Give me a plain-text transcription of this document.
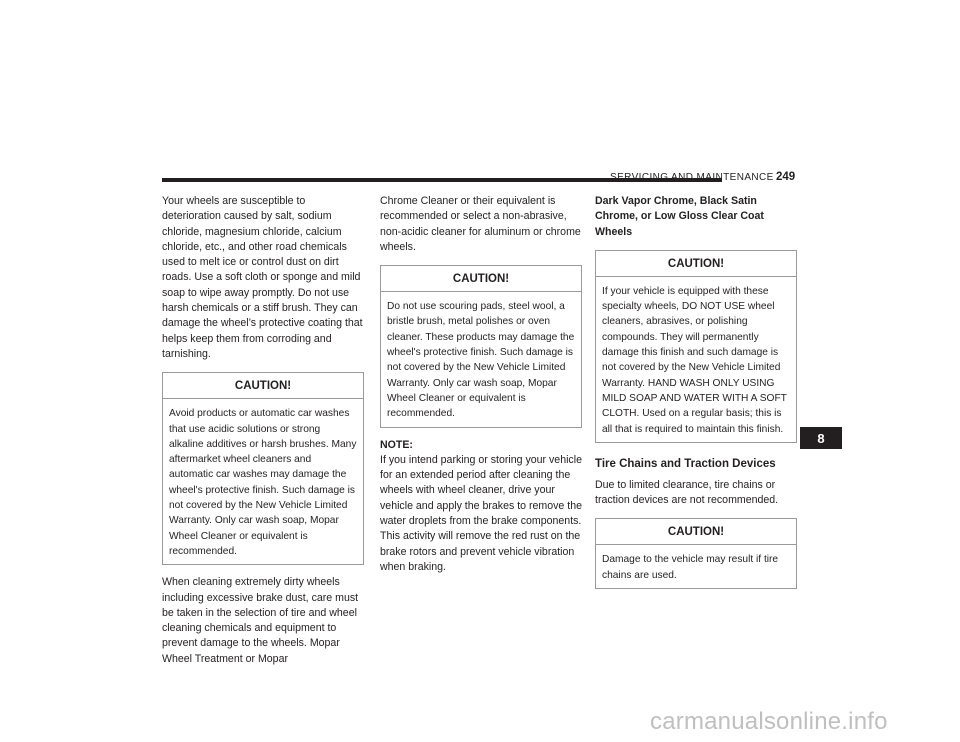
SERVICING AND MAINTENANCE 249

Your wheels are susceptible to deterioration caused by salt, sodium chloride, magnesium chloride, calcium chloride, etc., and other road chemicals used to melt ice or control dust on dirt roads. Use a soft cloth or sponge and mild soap to wipe away promptly. Do not use harsh chemicals or a stiff brush. They can damage the wheel’s protective coating that helps keep them from corroding and tarnishing.

CAUTION!
Avoid products or automatic car washes that use acidic solutions or strong alkaline additives or harsh brushes. Many aftermarket wheel cleaners and automatic car washes may damage the wheel's protective finish. Such damage is not covered by the New Vehicle Limited Warranty. Only car wash soap, Mopar Wheel Cleaner or equivalent is recommended.

When cleaning extremely dirty wheels including excessive brake dust, care must be taken in the selection of tire and wheel cleaning chemicals and equipment to prevent damage to the wheels. Mopar Wheel Treatment or Mopar

Chrome Cleaner or their equivalent is recommended or select a non-abrasive, non-acidic cleaner for aluminum or chrome wheels.

CAUTION!
Do not use scouring pads, steel wool, a bristle brush, metal polishes or oven cleaner. These products may damage the wheel's protective finish. Such damage is not covered by the New Vehicle Limited Warranty. Only car wash soap, Mopar Wheel Cleaner or equivalent is recommended.
NOTE:

If you intend parking or storing your vehicle for an extended period after cleaning the wheels with wheel cleaner, drive your vehicle and apply the brakes to remove the water droplets from the brake components. This activity will remove the red rust on the brake rotors and prevent vehicle vibration when braking.

Dark Vapor Chrome, Black Satin Chrome, or Low Gloss Clear Coat Wheels
CAUTION!
If your vehicle is equipped with these specialty wheels, DO NOT USE wheel cleaners, abrasives, or polishing compounds. They will permanently damage this finish and such damage is not covered by the New Vehicle Limited Warranty. HAND WASH ONLY USING MILD SOAP AND WATER WITH A SOFT CLOTH. Used on a regular basis; this is all that is required to maintain this finish.
Tire Chains and Traction Devices

Due to limited clearance, tire chains or traction devices are not recommended.

CAUTION!
Damage to the vehicle may result if tire chains are used.
8
carmanualsonline.info
